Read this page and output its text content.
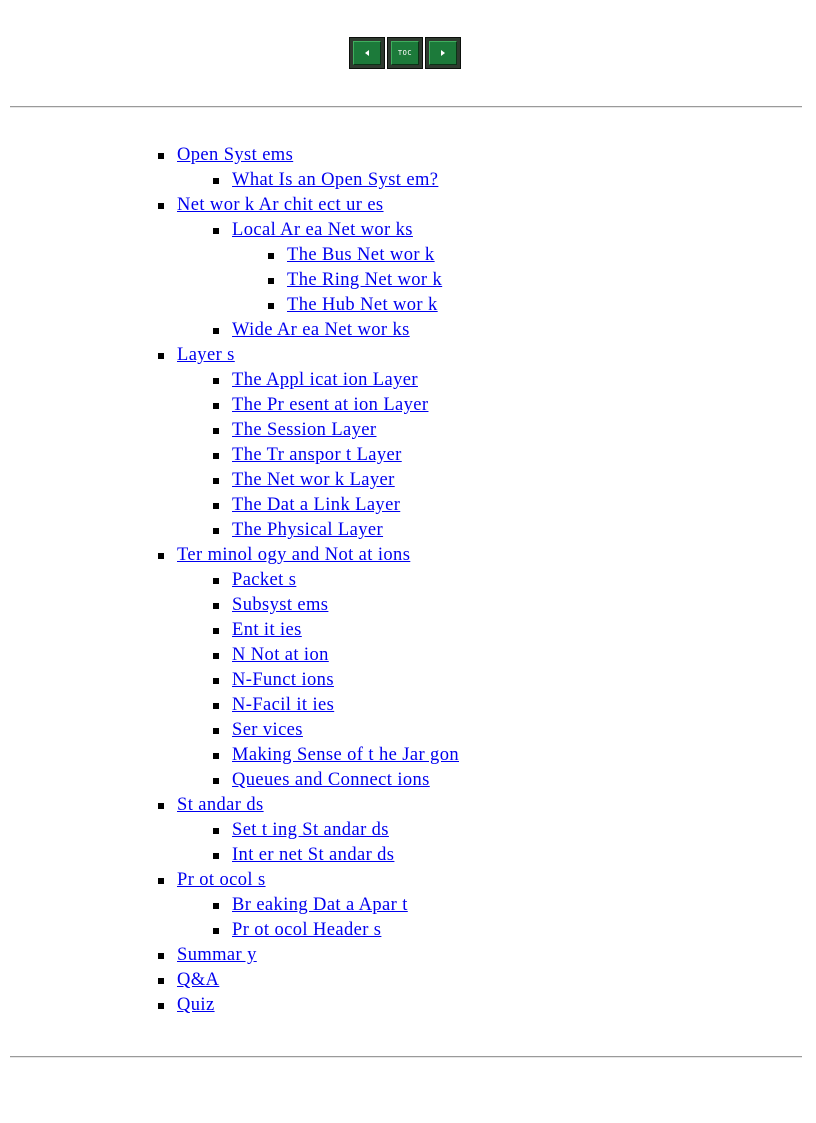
TOC
Open Syst ems
What Is an Open Syst em?
Net wor k Ar chit ect ur es
Local Ar ea Net wor ks
The Bus Net wor k
The Ring Net wor k
The Hub Net wor k
Wide Ar ea Net wor ks
Layer s
The Appl icat ion Layer
The Pr esent at ion Layer
The Session Layer
The Tr anspor t Layer
The Net wor k Layer
The Dat a Link Layer
The Physical Layer
Ter minol ogy and Not at ions
Packet s
Subsyst ems
Ent it ies
N Not at ion
N-Funct ions
N-Facil it ies
Ser vices
Making Sense of t he Jar gon
Queues and Connect ions
St andar ds
Set t ing St andar ds
Int er net St andar ds
Pr ot ocol s
Br eaking Dat a Apar t
Pr ot ocol Header s
Summar y
Q&A
Quiz
